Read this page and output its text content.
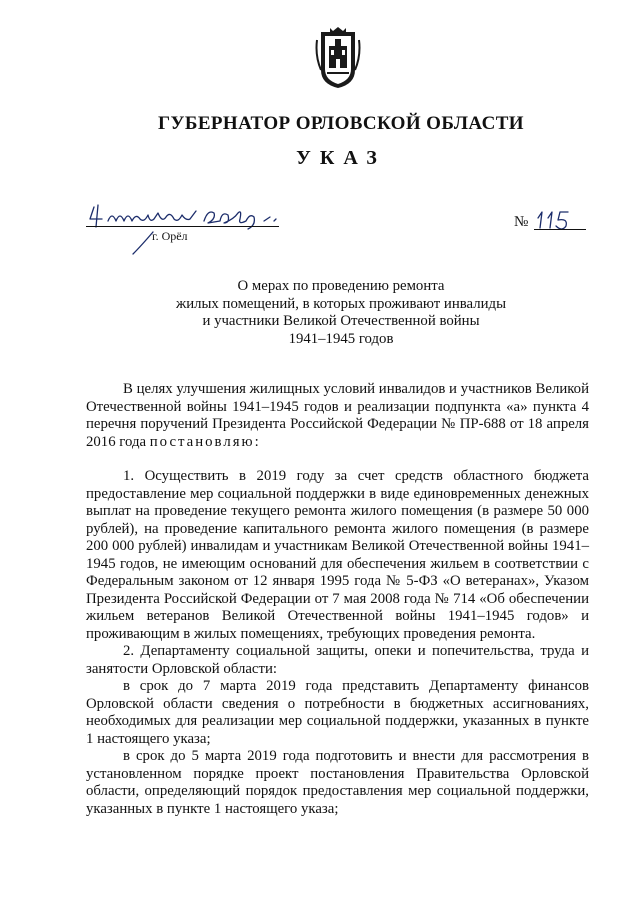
ГУБЕРНАТОР ОРЛОВСКОЙ ОБЛАСТИ
УКАЗ
№
г. Орёл
О мерах по проведению ремонта
жилых помещений, в которых проживают инвалиды
и участники Великой Отечественной войны
1941–1945 годов

В целях улучшения жилищных условий инвалидов и участников Великой Отечественной войны 1941–1945 годов и реализации подпункта «а» пункта 4 перечня поручений Президента Российской Федерации № ПР-688 от 18 апреля 2016 года постановляю:

1. Осуществить в 2019 году за счет средств областного бюджета предоставление мер социальной поддержки в виде единовременных денежных выплат на проведение текущего ремонта жилого помещения (в размере 50 000 рублей), на проведение капитального ремонта жилого помещения (в размере 200 000 рублей) инвалидам и участникам Великой Отечественной войны 1941–1945 годов, не имеющим оснований для обеспечения жильем в соответствии с Федеральным законом от 12 января 1995 года № 5-ФЗ «О ветеранах», Указом Президента Российской Федерации от 7 мая 2008 года № 714 «Об обеспечении жильем ветеранов Великой Отечественной войны 1941–1945 годов» и проживающим в жилых помещениях, требующих проведения ремонта.

2. Департаменту социальной защиты, опеки и попечительства, труда и занятости Орловской области:

в срок до 7 марта 2019 года представить Департаменту финансов Орловской области сведения о потребности в бюджетных ассигнованиях, необходимых для реализации мер социальной поддержки, указанных в пункте 1 настоящего указа;

в срок до 5 марта 2019 года подготовить и внести для рассмотрения в установленном порядке проект постановления Правительства Орловской области, определяющий порядок предоставления мер социальной поддержки, указанных в пункте 1 настоящего указа;
